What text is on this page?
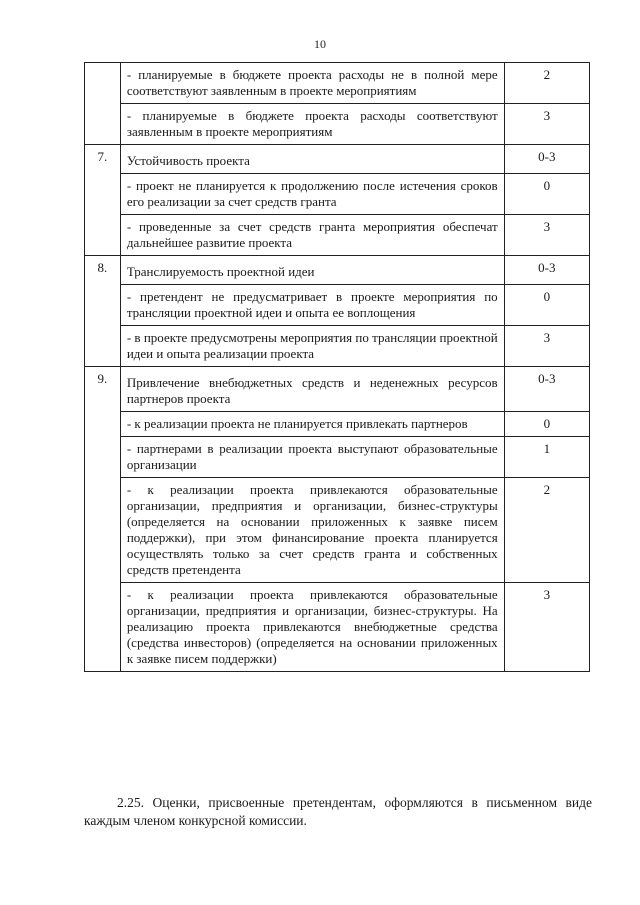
10
	- планируемые в бюджете проекта расходы не в полной мере соответствуют заявленным в проекте мероприятиям	2
	- планируемые в бюджете проекта расходы соответствуют заявленным в проекте мероприятиям	3
7.	Устойчивость проекта	0-3
	- проект не планируется к продолжению после истечения сроков его реализации за счет средств гранта	0
	- проведенные за счет средств гранта мероприятия обеспечат дальнейшее развитие проекта	3
8.	Транслируемость проектной идеи	0-3
	- претендент не предусматривает в проекте мероприятия по трансляции проектной идеи и опыта ее воплощения	0
	- в проекте предусмотрены мероприятия по трансляции проектной идеи и опыта реализации проекта	3
9.	Привлечение внебюджетных средств и неденежных ресурсов партнеров проекта	0-3
	- к реализации проекта не планируется привлекать партнеров	0
	- партнерами в реализации проекта выступают образовательные организации	1
	- к реализации проекта привлекаются образовательные организации, предприятия и организации, бизнес-структуры (определяется на основании приложенных к заявке писем поддержки), при этом финансирование проекта планируется осуществлять только за счет средств гранта и собственных средств претендента	2
	- к реализации проекта привлекаются образовательные организации, предприятия и организации, бизнес-структуры. На реализацию проекта привлекаются внебюджетные средства (средства инвесторов) (определяется на основании приложенных к заявке писем поддержки)	3

2.25. Оценки, присвоенные претендентам, оформляются в письменном виде каждым членом конкурсной комиссии.
